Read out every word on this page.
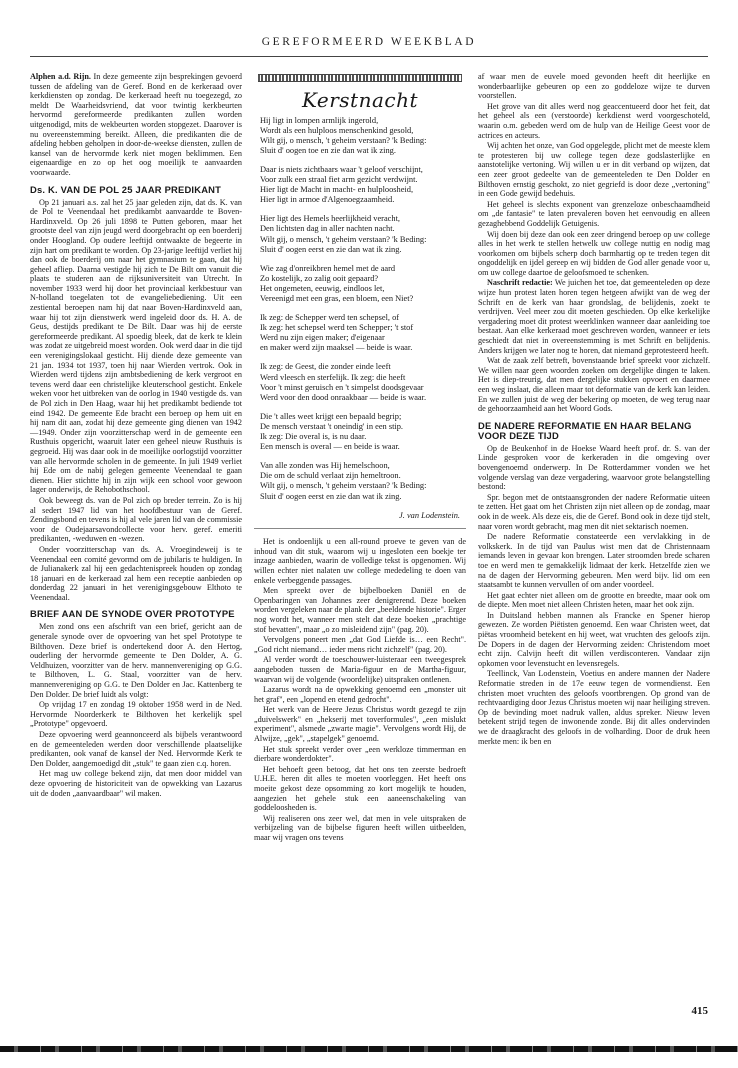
GEREFORMEERD WEEKBLAD

Alphen a.d. Rijn. In deze gemeente zijn besprekingen gevoerd tussen de afdeling van de Geref. Bond en de kerkeraad over kerkdiensten op zondag. De kerkeraad heeft nu toegezegd, zo meldt De Waarheidsvriend, dat voor twintig kerkbeurten hervormd gereformeerde predikanten zullen worden uitgenodigd, mits de wekbeurten worden stopgezet. Daarover is nu overeenstemming bereikt. Alleen, die predikanten die de afdeling hebben geholpen in door-de-weekse diensten, zullen de kansel van de hervormde kerk niet mogen beklimmen. Een eigenaardige en zo op het oog moeilijk te aanvaarden voorwaarde.

Ds. K. VAN DE POL 25 JAAR PREDIKANT

Op 21 januari a.s. zal het 25 jaar geleden zijn, dat ds. K. van de Pol te Veenendaal het predikambt aanvaardde te Boven-Hardinxveld. Op 26 juli 1898 te Putten geboren, maar het grootste deel van zijn jeugd werd doorgebracht op een boerderij onder Hoogland. Op oudere leeftijd ontwaakte de begeerte in zijn hart om predikant te worden. Op 23-jarige leeftijd verliet hij dan ook de boerderij om naar het gymnasium te gaan, dat hij geheel afliep. Daarna vestigde hij zich te De Bilt om vanuit die plaats te studeren aan de rijksuniversiteit van Utrecht. In november 1933 werd hij door het provinciaal kerkbestuur van N-holland toegelaten tot de evangeliebediening. Uit een zestiental beroepen nam hij dat naar Boven-Hardinxveld aan, waar hij tot zijn dienstwerk werd ingeleid door ds. H. A. de Geus, destijds predikant te De Bilt. Daar was hij de eerste gereformeerde predikant. Al spoedig bleek, dat de kerk te klein was zodat ze uitgebreid moest worden. Ook werd daar in die tijd een verenigingslokaal gesticht. Hij diende deze gemeente van 21 jan. 1934 tot 1937, toen hij naar Wierden vertrok. Ook in Wierden werd tijdens zijn ambtsbediening de kerk vergroot en tevens werd daar een christelijke kleuterschool gesticht. Enkele weken voor het uitbreken van de oorlog in 1940 vestigde ds. van de Pol zich in Den Haag, waar hij het predikambt bediende tot eind 1942. De gemeente Ede bracht een beroep op hem uit en hij nam dit aan, zodat hij deze gemeente ging dienen van 1942—1949. Onder zijn voorzitterschap werd in de gemeente een Rusthuis opgericht, waaruit later een geheel nieuw Rusthuis is gegroeid. Hij was daar ook in de moeilijke oorlogstijd voorzitter van alle hervormde scholen in de gemeente. In juli 1949 verliet hij Ede om de nabij gelegen gemeente Veenendaal te gaan dienen. Hier stichtte hij in zijn wijk een school voor gewoon lager onderwijs, de Rehobothschool.

Ook beweegt ds. van de Pol zich op breder terrein. Zo is hij al sedert 1947 lid van het hoofdbestuur van de Geref. Zendingsbond en tevens is hij al vele jaren lid van de commissie voor de Oudejaarsavondcollecte voor herv. geref. emeriti predikanten, -weduwen en -wezen.

Onder voorzitterschap van ds. A. Vroegindeweij is te Veenendaal een comité gevormd om de jubilaris te huldigen. In de Julianakerk zal hij een gedachtenispreek houden op zondag 18 januari en de kerkeraad zal hem een receptie aanbieden op donderdag 22 januari in het verenigingsgebouw Elthoto te Veenendaal.

BRIEF AAN DE SYNODE OVER PROTOTYPE

Men zond ons een afschrift van een brief, gericht aan de generale synode over de opvoering van het spel Prototype te Bilthoven. Deze brief is ondertekend door A. den Hertog, ouderling der hervormde gemeente te Den Dolder, A. G. Veldhuizen, voorzitter van de herv. mannenvereniging op G.G. te Bilthoven, L. G. Staal, voorzitter van de herv. mannenvereniging op G.G. te Den Dolder en Jac. Kattenberg te Den Dolder. De brief luidt als volgt:

Op vrijdag 17 en zondag 19 oktober 1958 werd in de Ned. Hervormde Noorderkerk te Bilthoven het kerkelijk spel „Prototype" opgevoerd.

Deze opvoering werd geannonceerd als bijbels verantwoord en de gemeenteleden werden door verschillende plaatselijke predikanten, ook vanaf de kansel der Ned. Hervormde Kerk te Den Dolder, aangemoedigd dit „stuk" te gaan zien c.q. horen.

Het mag uw college bekend zijn, dat men door middel van deze opvoering de historiciteit van de opwekking van Lazarus uit de doden „aanvaardbaar" wil maken.

Kerstnacht
Hij ligt in lompen armlijk ingerold,
Wordt als een hulploos menschenkind gesold,
Wilt gij, o mensch, 't geheim verstaan? 'k Beding:
Sluit d' oogen toe en zie dan wat ik zing.
Daar is niets zichtbaars waar 't geloof verschijnt,
Voor zulk een straal fiet arm gezicht verdwijnt.
Hier ligt de Macht in macht- en hulploosheid,
Hier ligt in armoe d'Algenoegzaamheid.
Hier ligt des Hemels heerlijkheid veracht,
Den lichtsten dag in aller nachten nacht.
Wilt gij, o mensch, 't geheim verstaan? 'k Beding:
Sluit d' oogen eerst en zie dan wat ik zing.
Wie zag d'onreikbren hemel met de aard
Zo kostelijk, zo zalig ooit gepaard?
Het ongemeten, eeuwig, eindloos let,
Vereenigd met een gras, een bloem, een Niet?
Ik zeg: de Schepper werd ten schepsel, of
Ik zeg: het schepsel werd ten Schepper; 't stof
Werd nu zijn eigen maker; d'eigenaar
en maker werd zijn maaksel — beide is waar.
Ik zeg: de Geest, die zonder einde leeft
Werd vleesch en sterfelijk. Ik zeg: die heeft
Voor 't minst geruisch en 't simpelst doodsgevaar
Werd voor den dood onraakbaar — beide is waar.
Die 't alles weet krijgt een bepaald begrip;
De mensch verstaat 't oneindig' in een stip.
Ik zeg: Die overal is, is nu daar.
Een mensch is overal — en beide is waar.
Van alle zonden was Hij hemelschoon,
Die om de schuld verlaat zijn hemeltroon.
Wilt gij, o mensch, 't geheim verstaan? 'k Beding:
Sluit d' oogen eerst en zie dan wat ik zing.
J. van Lodenstein.

Het is ondoenlijk u een all-round proeve te geven van de inhoud van dit stuk, waarom wij u ingesloten een boekje ter inzage aanbieden, waarin de volledige tekst is opgenomen. Wij willen echter niet nalaten uw college mededeling te doen van enkele verbeggende passages.

Men spreekt over de bijbelboeken Daniël en de Openbaringen van Johannes zeer denigrerend. Deze boeken worden vergeleken naar de plank der „beeldende historie". Erger nog wordt het, wanneer men stelt dat deze boeken „prachtige stof bevatten", maar „o zo misleidend zijn" (pag. 20).

Vervolgens poneert men „dat God Liefde is… een Recht". „God richt niemand… ieder mens richt zichzelf" (pag. 20).

Al verder wordt de toeschouwer-luisteraar een tweegesprek aangeboden tussen de Maria-figuur en de Martha-figuur, waarvan wij de volgende (woordelijke) uitspraken ontlenen.

Lazarus wordt na de opwekking genoemd een „monster uit het graf", een „lopend en etend gedrocht".

Het werk van de Heere Jezus Christus wordt gezegd te zijn „duivelswerk" en „hekserij met toverformules", „een mislukt experiment", alsmede „zwarte magie". Vervolgens wordt Hij, de Alwijze, „gek", „stapelgek" genoemd.

Het stuk spreekt verder over „een werkloze timmerman en dierbare wonderdokter".

Het behoeft geen betoog, dat het ons ten zeerste bedroeft U.H.E. heren dit alles te moeten voorleggen. Het heeft ons moeite gekost deze opsomming zo kort mogelijk te houden, aangezien het gehele stuk een aaneenschakeling van goddeloosheden is.

Wij realiseren ons zeer wel, dat men in vele uitspraken de verbijzeling van de bijbelse figuren heeft willen uitbeelden, maar wij vragen ons tevens

af waar men de euvele moed gevonden heeft dit heerlijke en wonderbaarlijke gebeuren op een zo goddeloze wijze te durven voorstellen.

Het grove van dit alles werd nog geaccentueerd door het feit, dat het geheel als een (verstoorde) kerkdienst werd voorgeschoteld, waarin o.m. gebeden werd om de hulp van de Heilige Geest voor de actrices en acteurs.

Wij achten het onze, van God opgelegde, plicht met de meeste klem te protesteren bij uw college tegen deze godslasterlijke en aanstotelijke vertoning. Wij willen u er in dit verband op wijzen, dat een zeer groot gedeelte van de gemeenteleden te Den Dolder en Bilthoven ernstig geschokt, zo niet gegriefd is door deze „vertoning" in een Gode gewijd bedehuis.

Het geheel is slechts exponent van grenzeloze onbeschaamdheid om „de fantasie" te laten prevaleren boven het eenvoudig en alleen gezaghebbend Goddelijk Getuigenis.

Wij doen bij deze dan ook een zeer dringend beroep op uw college alles in het werk te stellen hetwelk uw college nuttig en nodig mag voorkomen om bijbels scherp doch barmhartig op te treden tegen dit ongoddelijk en ijdel gereep en wij bidden de God aller genade voor u, om uw college daartoe de geloofsmoed te schenken.

Naschrift redactie: We juichen het toe, dat gemeenteleden op deze wijze hun protest laten horen tegen hetgeen afwijkt van de weg der Schrift en de kerk van haar grondslag, de belijdenis, zoekt te verdrijven. Veel meer zou dit moeten geschieden. Op elke kerkelijke vergadering moet dit protest weerklinken wanneer daar aanleiding toe bestaat. Aan elke kerkeraad moet geschreven worden, wanneer er iets geschiedt dat niet in overeenstemming is met Schrift en belijdenis. Anders krijgen we later nog te horen, dat niemand geprotesteerd heeft.

Wat de zaak zelf betreft, bovenstaande brief spreekt voor zichzelf. We willen naar geen woorden zoeken om dergelijke dingen te laken. Het is diep-treurig, dat men dergelijke stukken opvoert en daarmee een weg inslaat, die alleen maar tot deformatie van de kerk kan leiden. En we zullen juist de weg der bekering op moeten, de weg terug naar de gehoorzaamheid aan het Woord Gods.

DE NADERE REFORMATIE EN HAAR BELANG VOOR DEZE TIJD

Op de Beukenhof in de Hoekse Waard heeft prof. dr. S. van der Linde gesproken voor de kerkeraden in die omgeving over bovengenoemd onderwerp. In De Rotterdammer vonden we het volgende verslag van deze vergadering, waarvoor grote belangstelling bestond:

Spr. begon met de ontstaansgronden der nadere Reformatie uiteen te zetten. Het gaat om het Christen zijn niet alleen op de zondag, maar ook in de week. Als deze eis, die de Geref. Bond ook in deze tijd stelt, naar voren wordt gebracht, mag men dit niet sektarisch noemen.

De nadere Reformatie constateerde een vervlakking in de volkskerk. In de tijd van Paulus wist men dat de Christennaam iemands leven in gevaar kon brengen. Later stroomden brede scharen toe en werd men te gemakkelijk lidmaat der kerk. Hetzelfde zien we na de dagen der Hervorming gebeuren. Men werd bijv. lid om een staatsambt te kunnen vervullen of om ander voordeel.

Het gaat echter niet alleen om de grootte en breedte, maar ook om de diepte. Men moet niet alleen Christen heten, maar het ook zijn.

In Duitsland hebben mannen als Francke en Spener hierop gewezen. Ze worden Piëtisten genoemd. Een waar Christen weet, dat piëtas vroomheid betekent en hij weet, wat vruchten des geloofs zijn. De Dopers in de dagen der Hervorming zeiden: Christendom moet echt zijn. Calvijn heeft dit willen verdisconteren. Vandaar zijn opkomen voor levenstucht en levensregels.

Teellinck, Van Lodenstein, Voetius en andere mannen der Nadere Reformatie streden in de 17e eeuw tegen de vormendienst. Een christen moet vruchten des geloofs voortbrengen. Op grond van de rechtvaardiging door Jezus Christus moeten wij naar heiliging streven. Op de bevinding moet nadruk vallen, aldus spreker. Nieuw leven betekent strijd tegen de inwonende zonde. Bij dit alles ondervinden we de draagkracht des geloofs in de volharding. Door de druk heen merkte men: ik ben en

415
